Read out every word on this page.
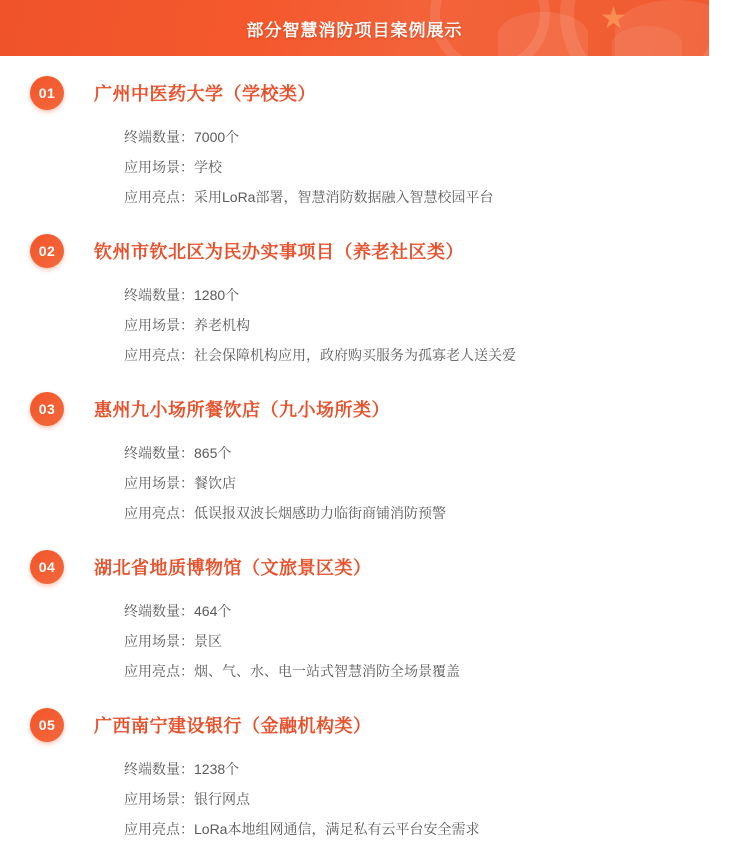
★
部分智慧消防项目案例展示
01	广州中医药大学（学校类）
终端数量： 7000个
应用场景： 学校
应用亮点： 采用LoRa部署，智慧消防数据融入智慧校园平台
02	钦州市钦北区为民办实事项目（养老社区类）
终端数量： 1280个
应用场景： 养老机构
应用亮点： 社会保障机构应用，政府购买服务为孤寡老人送关爱
03	惠州九小场所餐饮店（九小场所类）
终端数量： 865个
应用场景： 餐饮店
应用亮点： 低误报双波长烟感助力临街商铺消防预警
04	湖北省地质博物馆（文旅景区类）
终端数量： 464个
应用场景： 景区
应用亮点： 烟、气、水、电一站式智慧消防全场景覆盖
05	广西南宁建设银行（金融机构类）
终端数量： 1238个
应用场景： 银行网点
应用亮点： LoRa本地组网通信，满足私有云平台安全需求
